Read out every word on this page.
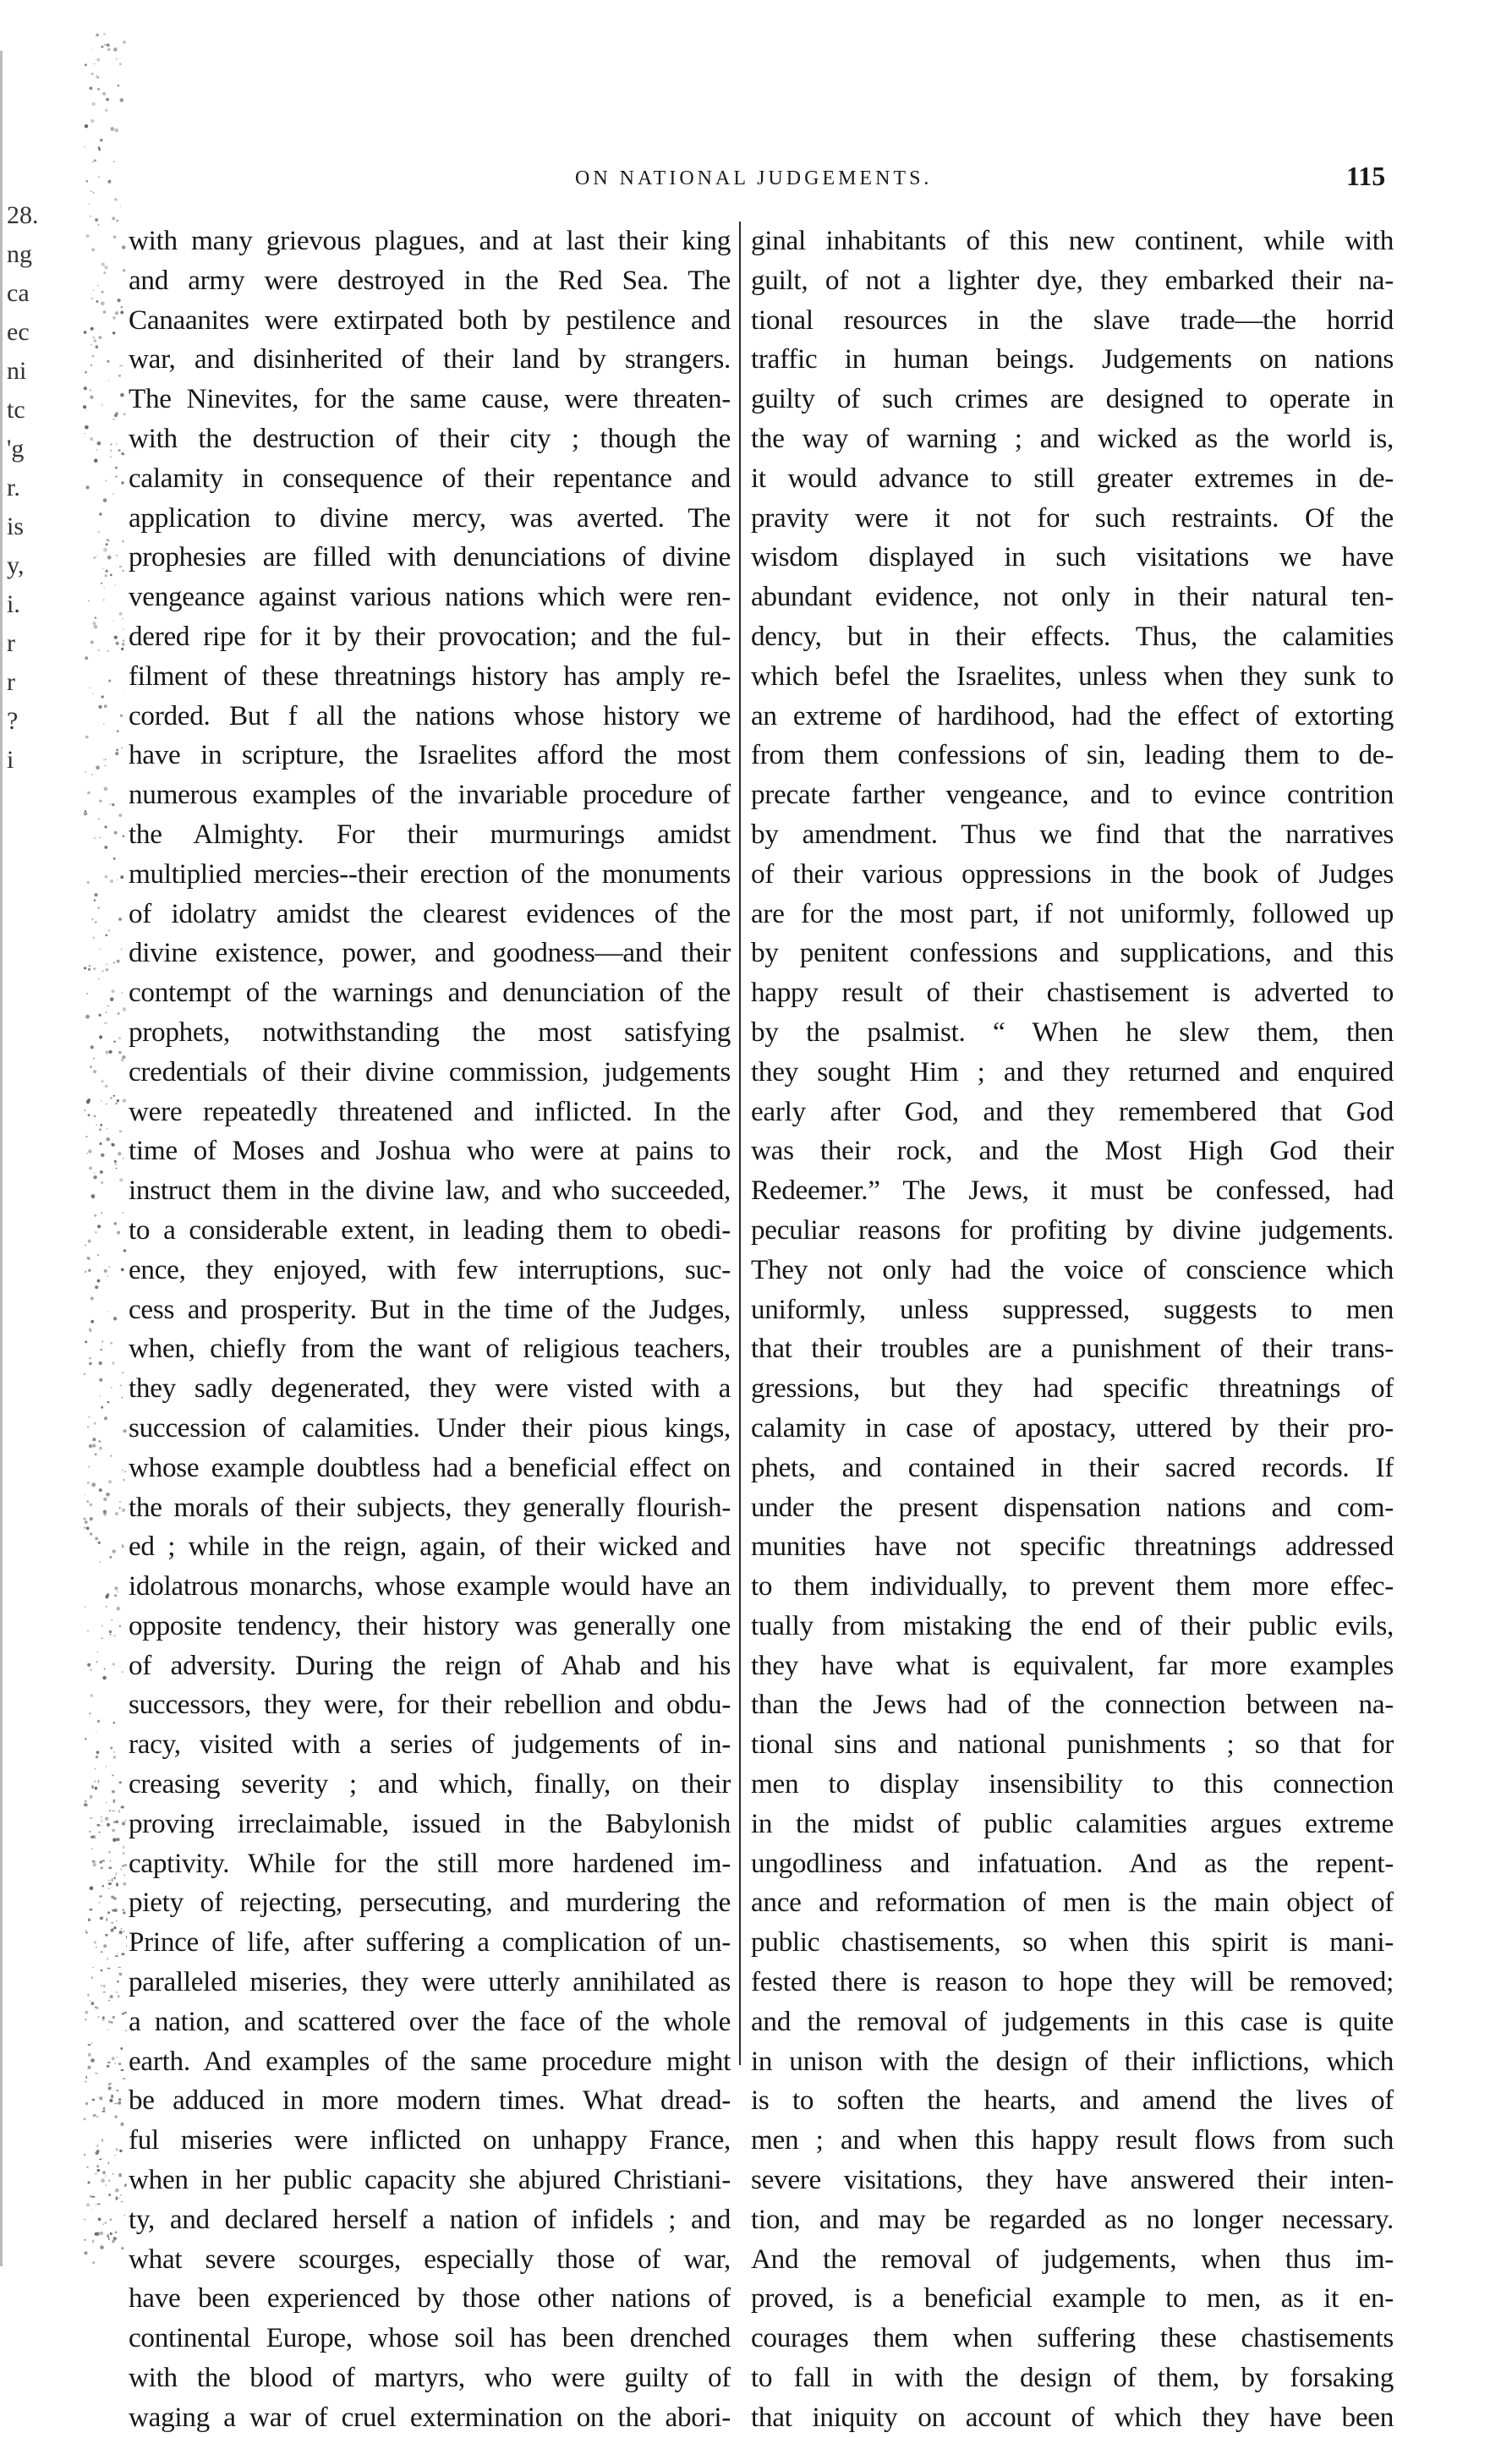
28.
ng
ca
ec
ni
tc
'g
r.
is
y,
i.
r
r
?
i
ON NATIONAL JUDGEMENTS.	115
with many grievous plagues, and at last their king
and army were destroyed in the Red Sea. The
Canaanites were extirpated both by pestilence and
war, and disinherited of their land by strangers.
The Ninevites, for the same cause, were threaten-
with the destruction of their city ; though the
calamity in consequence of their repentance and
application to divine mercy, was averted. The
prophesies are filled with denunciations of divine
vengeance against various nations which were ren-
dered ripe for it by their provocation; and the ful-
filment of these threatnings history has amply re-
corded. But f all the nations whose history we
have in scripture, the Israelites afford the most
numerous examples of the invariable procedure of
the Almighty. For their murmurings amidst
multiplied mercies--their erection of the monuments
of idolatry amidst the clearest evidences of the
divine existence, power, and goodness—and their
contempt of the warnings and denunciation of the
prophets, notwithstanding the most satisfying
credentials of their divine commission, judgements
were repeatedly threatened and inflicted. In the
time of Moses and Joshua who were at pains to
instruct them in the divine law, and who succeeded,
to a considerable extent, in leading them to obedi-
ence, they enjoyed, with few interruptions, suc-
cess and prosperity. But in the time of the Judges,
when, chiefly from the want of religious teachers,
they sadly degenerated, they were visted with a
succession of calamities. Under their pious kings,
whose example doubtless had a beneficial effect on
the morals of their subjects, they generally flourish-
ed ; while in the reign, again, of their wicked and
idolatrous monarchs, whose example would have an
opposite tendency, their history was generally one
of adversity. During the reign of Ahab and his
successors, they were, for their rebellion and obdu-
racy, visited with a series of judgements of in-
creasing severity ; and which, finally, on their
proving irreclaimable, issued in the Babylonish
captivity. While for the still more hardened im-
piety of rejecting, persecuting, and murdering the
Prince of life, after suffering a complication of un-
paralleled miseries, they were utterly annihilated as
a nation, and scattered over the face of the whole
earth. And examples of the same procedure might
be adduced in more modern times. What dread-
ful miseries were inflicted on unhappy France,
when in her public capacity she abjured Christiani-
ty, and declared herself a nation of infidels ; and
what severe scourges, especially those of war,
have been experienced by those other nations of
continental Europe, whose soil has been drenched
with the blood of martyrs, who were guilty of
waging a war of cruel extermination on the abori-
ginal inhabitants of this new continent, while with
guilt, of not a lighter dye, they embarked their na-
tional resources in the slave trade—the horrid
traffic in human beings. Judgements on nations
guilty of such crimes are designed to operate in
the way of warning ; and wicked as the world is,
it would advance to still greater extremes in de-
pravity were it not for such restraints. Of the
wisdom displayed in such visitations we have
abundant evidence, not only in their natural ten-
dency, but in their effects. Thus, the calamities
which befel the Israelites, unless when they sunk to
an extreme of hardihood, had the effect of extorting
from them confessions of sin, leading them to de-
precate farther vengeance, and to evince contrition
by amendment. Thus we find that the narratives
of their various oppressions in the book of Judges
are for the most part, if not uniformly, followed up
by penitent confessions and supplications, and this
happy result of their chastisement is adverted to
by the psalmist. “ When he slew them, then
they sought Him ; and they returned and enquired
early after God, and they remembered that God
was their rock, and the Most High God their
Redeemer.” The Jews, it must be confessed, had
peculiar reasons for profiting by divine judgements.
They not only had the voice of conscience which
uniformly, unless suppressed, suggests to men
that their troubles are a punishment of their trans-
gressions, but they had specific threatnings of
calamity in case of apostacy, uttered by their pro-
phets, and contained in their sacred records. If
under the present dispensation nations and com-
munities have not specific threatnings addressed
to them individually, to prevent them more effec-
tually from mistaking the end of their public evils,
they have what is equivalent, far more examples
than the Jews had of the connection between na-
tional sins and national punishments ; so that for
men to display insensibility to this connection
in the midst of public calamities argues extreme
ungodliness and infatuation. And as the repent-
ance and reformation of men is the main object of
public chastisements, so when this spirit is mani-
fested there is reason to hope they will be removed;
and the removal of judgements in this case is quite
in unison with the design of their inflictions, which
is to soften the hearts, and amend the lives of
men ; and when this happy result flows from such
severe visitations, they have answered their inten-
tion, and may be regarded as no longer necessary.
And the removal of judgements, when thus im-
proved, is a beneficial example to men, as it en-
courages them when suffering these chastisements
to fall in with the design of them, by forsaking
that iniquity on account of which they have been
